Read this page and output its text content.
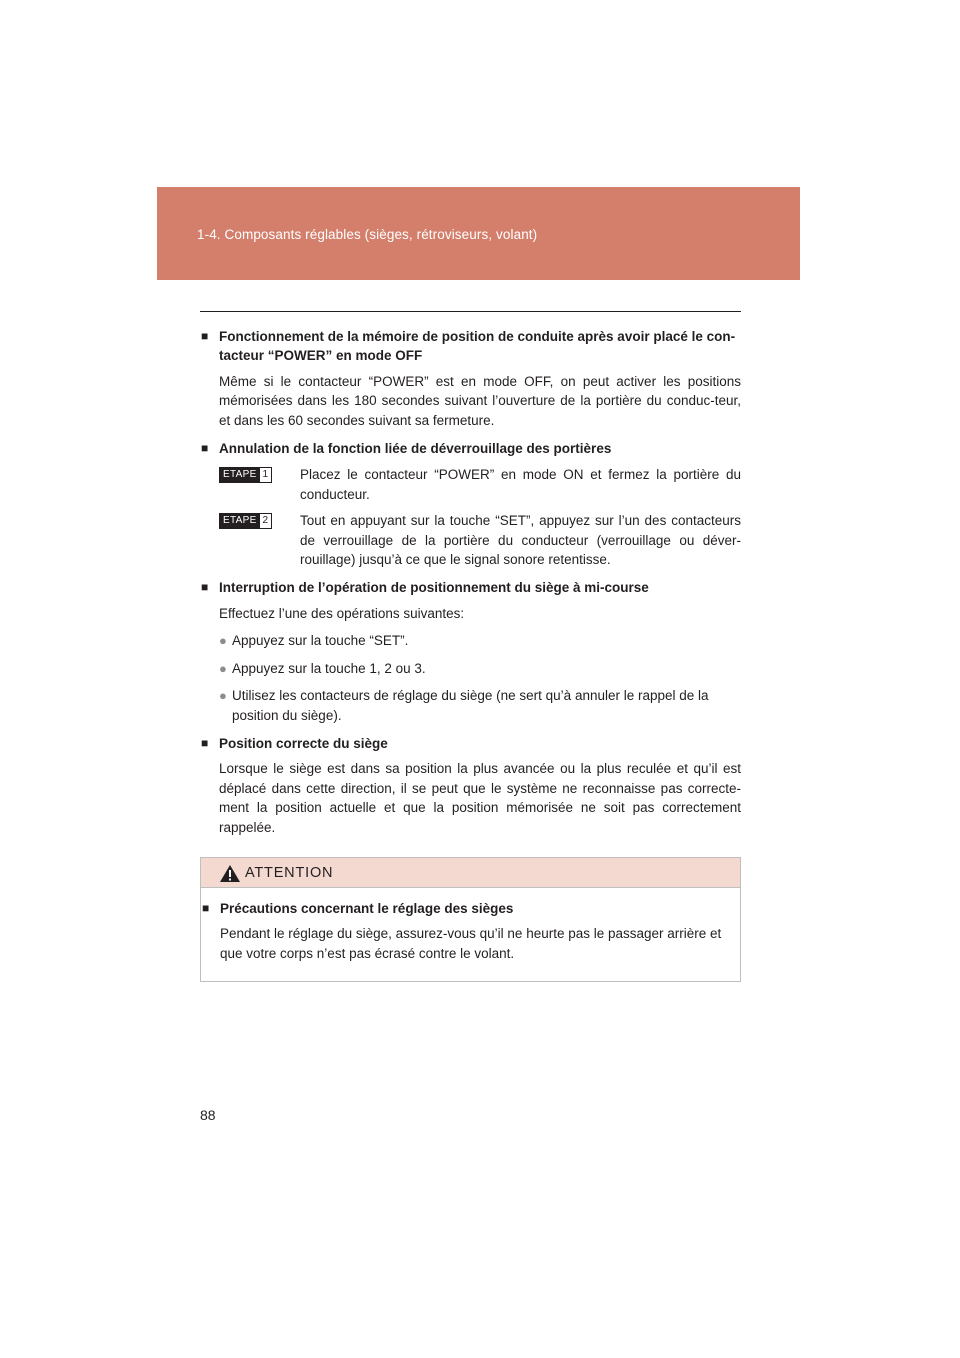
1-4. Composants réglables (sièges, rétroviseurs, volant)

■ Fonctionnement de la mémoire de position de conduite après avoir placé le con-tacteur “POWER” en mode OFF

Même si le contacteur “POWER” est en mode OFF, on peut activer les positions mémorisées dans les 180 secondes suivant l’ouverture de la portière du conduc-teur, et dans les 60 secondes suivant sa fermeture.

■ Annulation de la fonction liée de déverrouillage des portières

ETAPE 1 Placez le contacteur “POWER” en mode ON et fermez la portière du conducteur.
ETAPE 2 Tout en appuyant sur la touche “SET”, appuyez sur l’un des contacteurs de verrouillage de la portière du conducteur (verrouillage ou déver-rouillage) jusqu’à ce que le signal sonore retentisse.

■ Interruption de l’opération de positionnement du siège à mi-course

Effectuez l’une des opérations suivantes:

● Appuyez sur la touche “SET”.
● Appuyez sur la touche 1, 2 ou 3.
● Utilisez les contacteurs de réglage du siège (ne sert qu’à annuler le rappel de la position du siège).

■ Position correcte du siège

Lorsque le siège est dans sa position la plus avancée ou la plus reculée et qu’il est déplacé dans cette direction, il se peut que le système ne reconnaisse pas correcte-ment la position actuelle et que la position mémorisée ne soit pas correctement rappelée.

ATTENTION

■ Précautions concernant le réglage des sièges

Pendant le réglage du siège, assurez-vous qu’il ne heurte pas le passager arrière et que votre corps n’est pas écrasé contre le volant.

88
